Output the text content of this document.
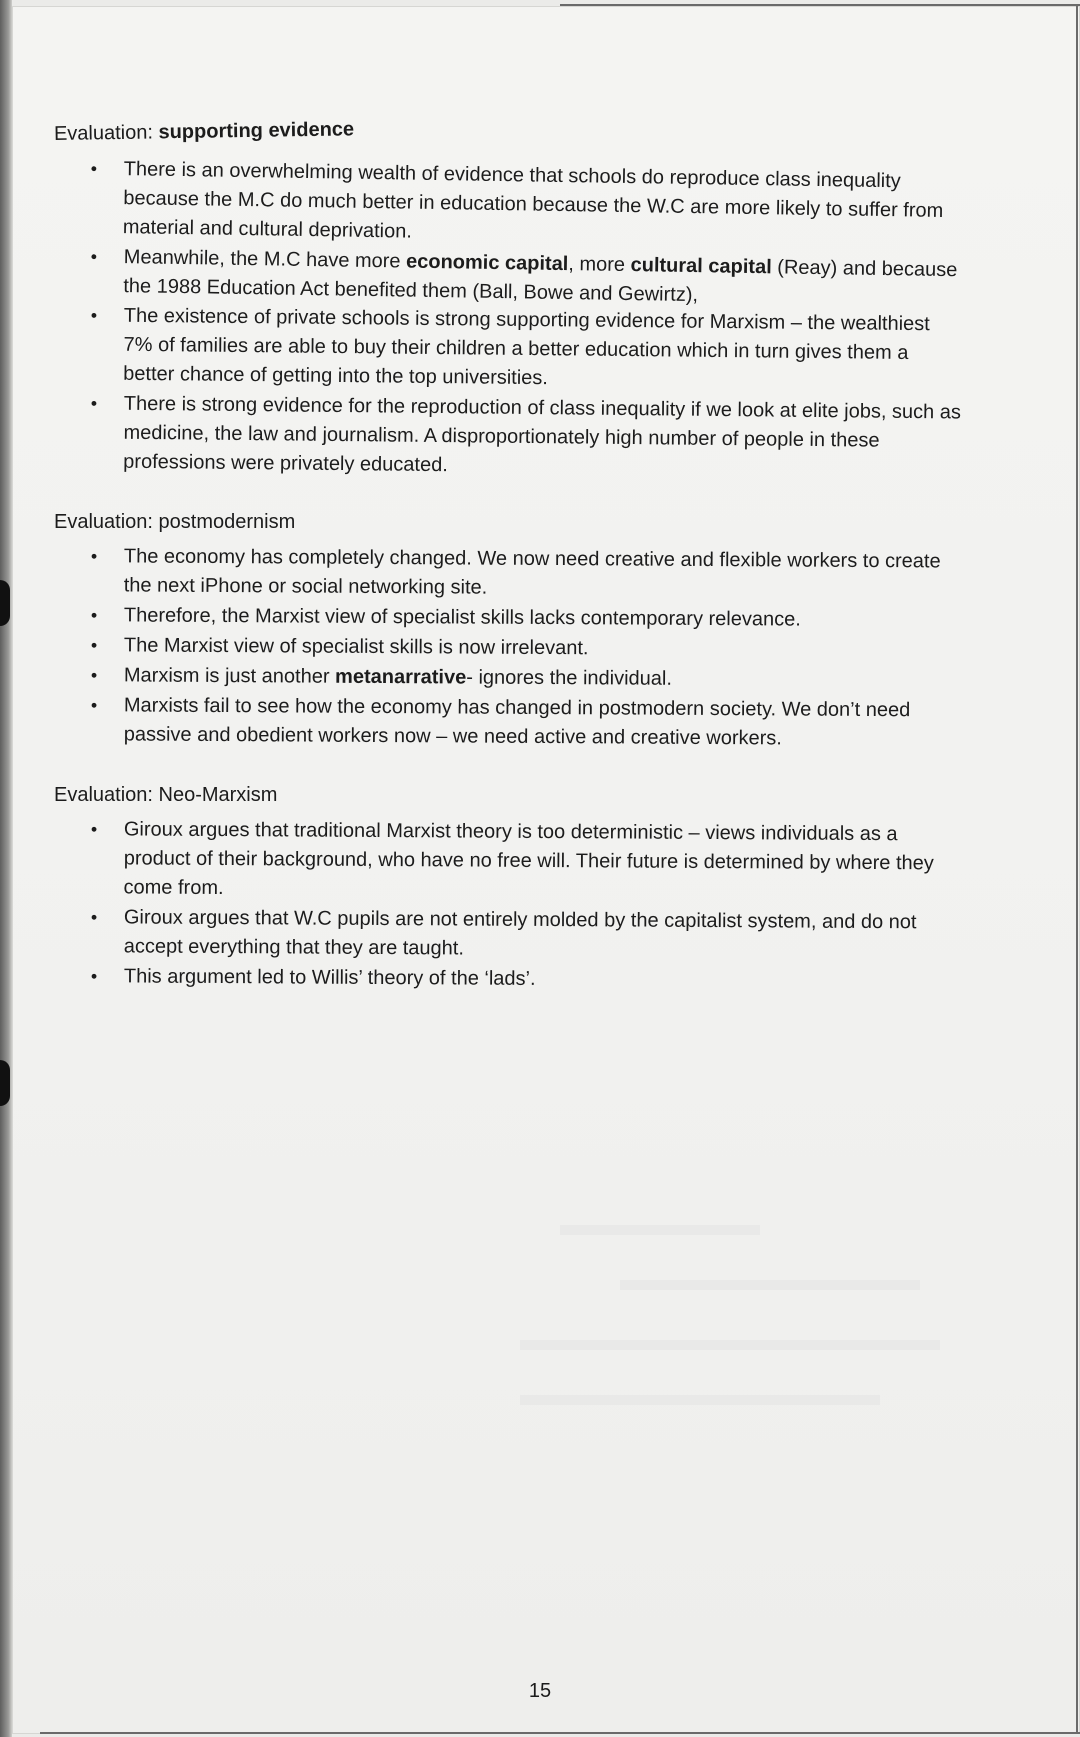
Evaluation: supporting evidence
• There is an overwhelming wealth of evidence that schools do reproduce class inequality because the M.C do much better in education because the W.C are more likely to suffer from material and cultural deprivation.
• Meanwhile, the M.C have more economic capital, more cultural capital (Reay) and because the 1988 Education Act benefited them (Ball, Bowe and Gewirtz),
• The existence of private schools is strong supporting evidence for Marxism – the wealthiest 7% of families are able to buy their children a better education which in turn gives them a better chance of getting into the top universities.
• There is strong evidence for the reproduction of class inequality if we look at elite jobs, such as medicine, the law and journalism. A disproportionately high number of people in these professions were privately educated.
Evaluation: postmodernism
• The economy has completely changed. We now need creative and flexible workers to create the next iPhone or social networking site.
• Therefore, the Marxist view of specialist skills lacks contemporary relevance.
• The Marxist view of specialist skills is now irrelevant.
• Marxism is just another metanarrative- ignores the individual.
• Marxists fail to see how the economy has changed in postmodern society. We don’t need passive and obedient workers now – we need active and creative workers.
Evaluation: Neo-Marxism
• Giroux argues that traditional Marxist theory is too deterministic – views individuals as a product of their background, who have no free will. Their future is determined by where they come from.
• Giroux argues that W.C pupils are not entirely molded by the capitalist system, and do not accept everything that they are taught.
• This argument led to Willis’ theory of the ‘lads’.
15
